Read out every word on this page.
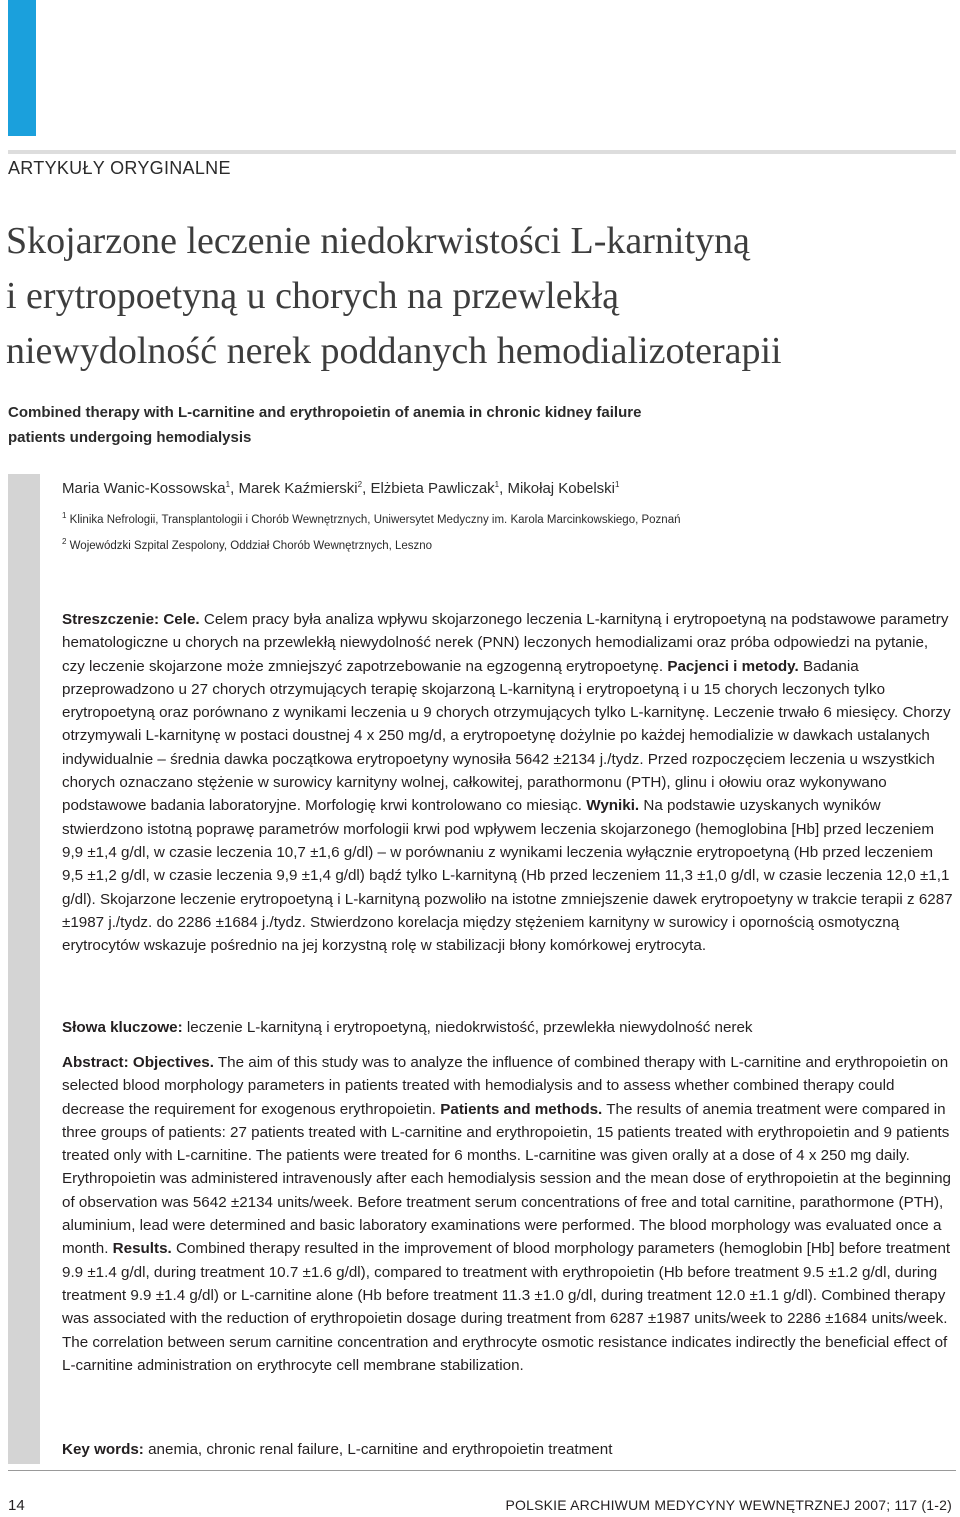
ARTYKUŁY ORYGINALNE
Skojarzone leczenie niedokrwistości L-karnityną
i erytropoetyną u chorych na przewlekłą
niewydolność nerek poddanych hemodializoterapii

Combined therapy with L-carnitine and erythropoietin of anemia in chronic kidney failure
patients undergoing hemodialysis

Maria Wanic-Kossowska$^1$, Marek Kaźmierski$^2$, Elżbieta Pawliczak$^1$, Mikołaj Kobelski$^1$
$^1$ Klinika Nefrologii, Transplantologii i Chorób Wewnętrznych, Uniwersytet Medyczny im. Karola Marcinkowskiego, Poznań
$^2$ Wojewódzki Szpital Zespolony, Oddział Chorób Wewnętrznych, Leszno

Streszczenie: Cele. Celem pracy była analiza wpływu skojarzonego leczenia L-karnityną i erytropoetyną na podstawowe parametry hematologiczne u chorych na przewlekłą niewydolność nerek (PNN) leczonych hemodializami oraz próba odpowiedzi na pytanie, czy leczenie skojarzone może zmniejszyć zapotrzebowanie na egzogenną erytropoetynę. Pacjenci i metody. Badania przeprowadzono u 27 chorych otrzymujących terapię skojarzoną L-karnityną i erytropoetyną i u 15 chorych leczonych tylko erytropoetyną oraz porównano z wynikami leczenia u 9 chorych otrzymujących tylko L-karnitynę. Leczenie trwało 6 miesięcy. Chorzy otrzymywali L-karnitynę w postaci doustnej 4 x 250 mg/d, a erytropoetynę dożylnie po każdej hemodializie w dawkach ustalanych indywidualnie – średnia dawka początkowa erytropoetyny wynosiła 5642 ±2134 j./tydz. Przed rozpoczęciem leczenia u wszystkich chorych oznaczano stężenie w surowicy karnityny wolnej, całkowitej, parathormonu (PTH), glinu i ołowiu oraz wykonywano podstawowe badania laboratoryjne. Morfologię krwi kontrolowano co miesiąc. Wyniki. Na podstawie uzyskanych wyników stwierdzono istotną poprawę parametrów morfologii krwi pod wpływem leczenia skojarzonego (hemoglobina [Hb] przed leczeniem 9,9 ±1,4 g/dl, w czasie leczenia 10,7 ±1,6 g/dl) – w porównaniu z wynikami leczenia wyłącznie erytropoetyną (Hb przed leczeniem 9,5 ±1,2 g/dl, w czasie leczenia 9,9 ±1,4 g/dl) bądź tylko L-karnityną (Hb przed leczeniem 11,3 ±1,0 g/dl, w czasie leczenia 12,0 ±1,1 g/dl). Skojarzone leczenie erytropoetyną i L-karnityną pozwoliło na istotne zmniejszenie dawek erytropoetyny w trakcie terapii z 6287 ±1987 j./tydz. do 2286 ±1684 j./tydz. Stwierdzono korelacja między stężeniem karnityny w surowicy i opornością osmotyczną erytrocytów wskazuje pośrednio na jej korzystną rolę w stabilizacji błony komórkowej erytrocyta.

Słowa kluczowe: leczenie L-karnityną i erytropoetyną, niedokrwistość, przewlekła niewydolność nerek

Abstract: Objectives. The aim of this study was to analyze the influence of combined therapy with L-carnitine and erythropoietin on selected blood morphology parameters in patients treated with hemodialysis and to assess whether combined therapy could decrease the requirement for exogenous erythropoietin. Patients and methods. The results of anemia treatment were compared in three groups of patients: 27 patients treated with L-carnitine and erythropoietin, 15 patients treated with erythropoietin and 9 patients treated only with L-carnitine. The patients were treated for 6 months. L-carnitine was given orally at a dose of 4 x 250 mg daily. Erythropoietin was administered intravenously after each hemodialysis session and the mean dose of erythropoietin at the beginning of observation was 5642 ±2134 units/week. Before treatment serum concentrations of free and total carnitine, parathormone (PTH), aluminium, lead were determined and basic laboratory examinations were performed. The blood morphology was evaluated once a month. Results. Combined therapy resulted in the improvement of blood morphology parameters (hemoglobin [Hb] before treatment 9.9 ±1.4 g/dl, during treatment 10.7 ±1.6 g/dl), compared to treatment with erythropoietin (Hb before treatment 9.5 ±1.2 g/dl, during treatment 9.9 ±1.4 g/dl) or L-carnitine alone (Hb before treatment 11.3 ±1.0 g/dl, during treatment 12.0 ±1.1 g/dl). Combined therapy was associated with the reduction of erythropoietin dosage during treatment from 6287 ±1987 units/week to 2286 ±1684 units/week. The correlation between serum carnitine concentration and erythrocyte osmotic resistance indicates indirectly the beneficial effect of L-carnitine administration on erythrocyte cell membrane stabilization.

Key words: anemia, chronic renal failure, L-carnitine and erythropoietin treatment

14	POLSKIE ARCHIWUM MEDYCYNY WEWNĘTRZNEJ 2007; 117 (1-2)
